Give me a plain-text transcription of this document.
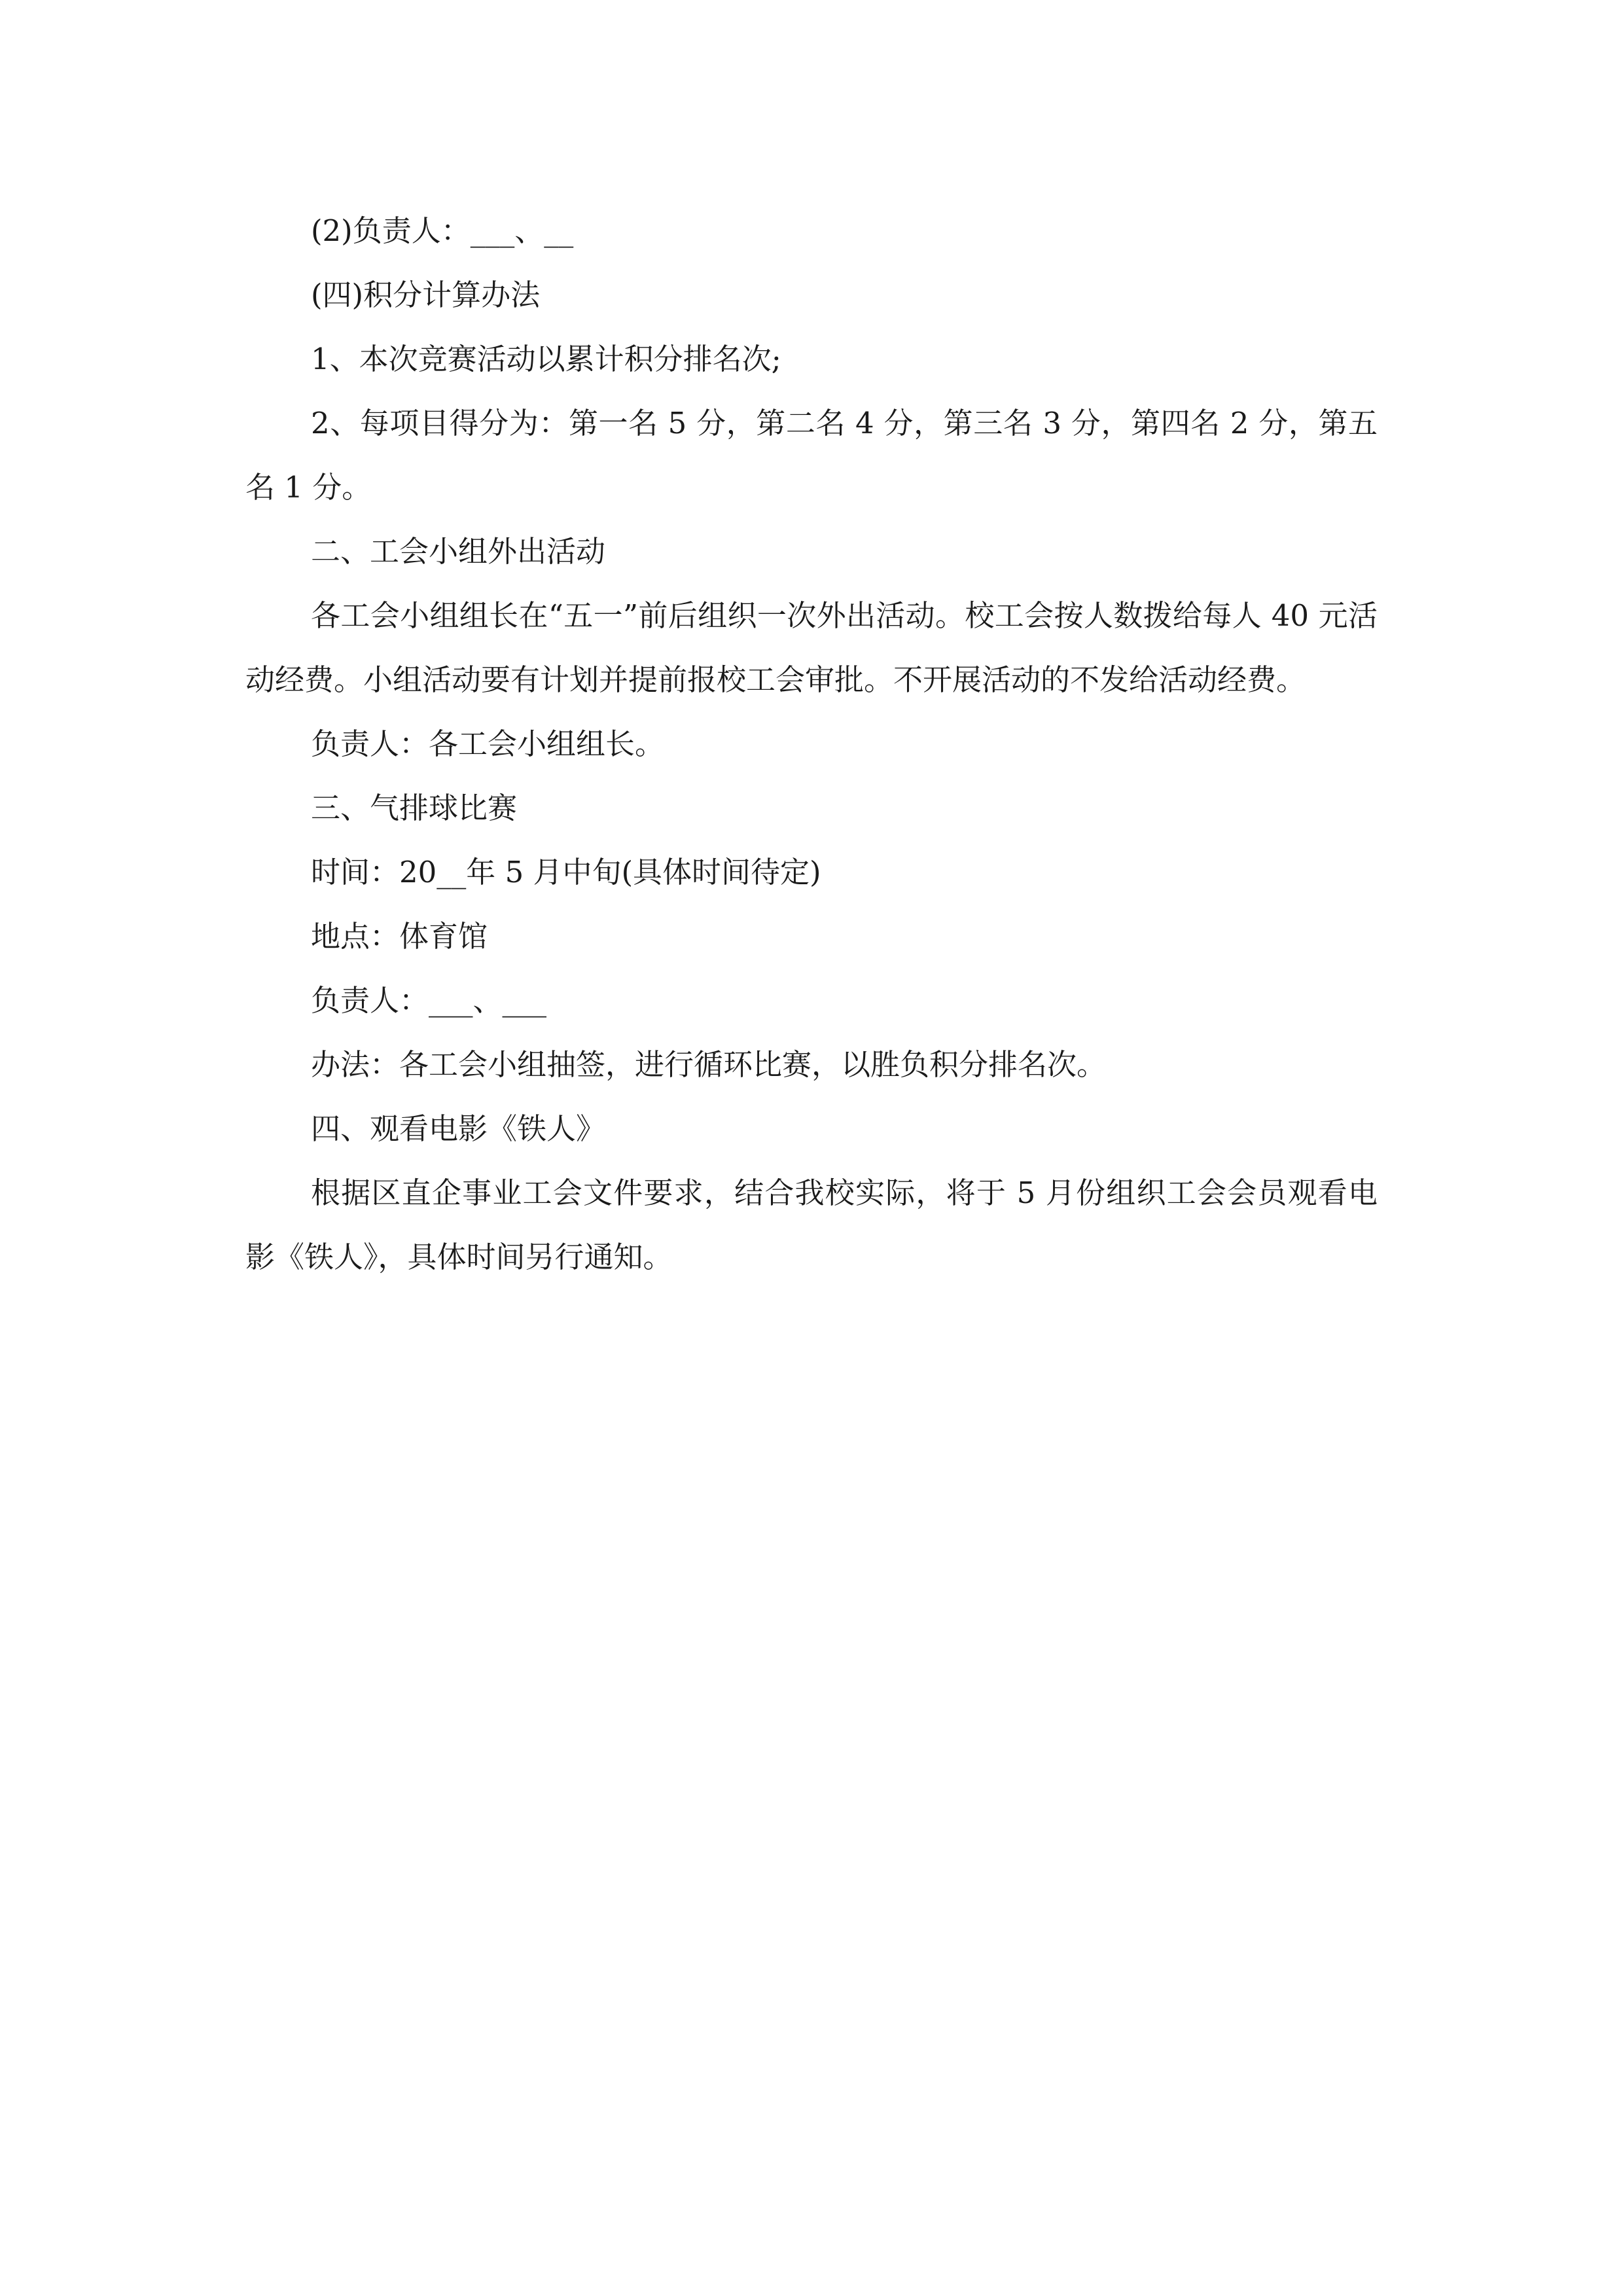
(2)负责人：___、__

(四)积分计算办法

1、本次竞赛活动以累计积分排名次;

2、每项目得分为：第一名 5 分，第二名 4 分，第三名 3 分，第四名 2 分，第五名 1 分。

二、工会小组外出活动

各工会小组组长在“五一”前后组织一次外出活动。校工会按人数拨给每人 40 元活动经费。小组活动要有计划并提前报校工会审批。不开展活动的不发给活动经费。

负责人：各工会小组组长。

三、气排球比赛

时间：20__年 5 月中旬(具体时间待定)

地点：体育馆

负责人：___、___

办法：各工会小组抽签，进行循环比赛，以胜负积分排名次。

四、观看电影《铁人》

根据区直企事业工会文件要求，结合我校实际，将于 5 月份组织工会会员观看电影《铁人》，具体时间另行通知。
